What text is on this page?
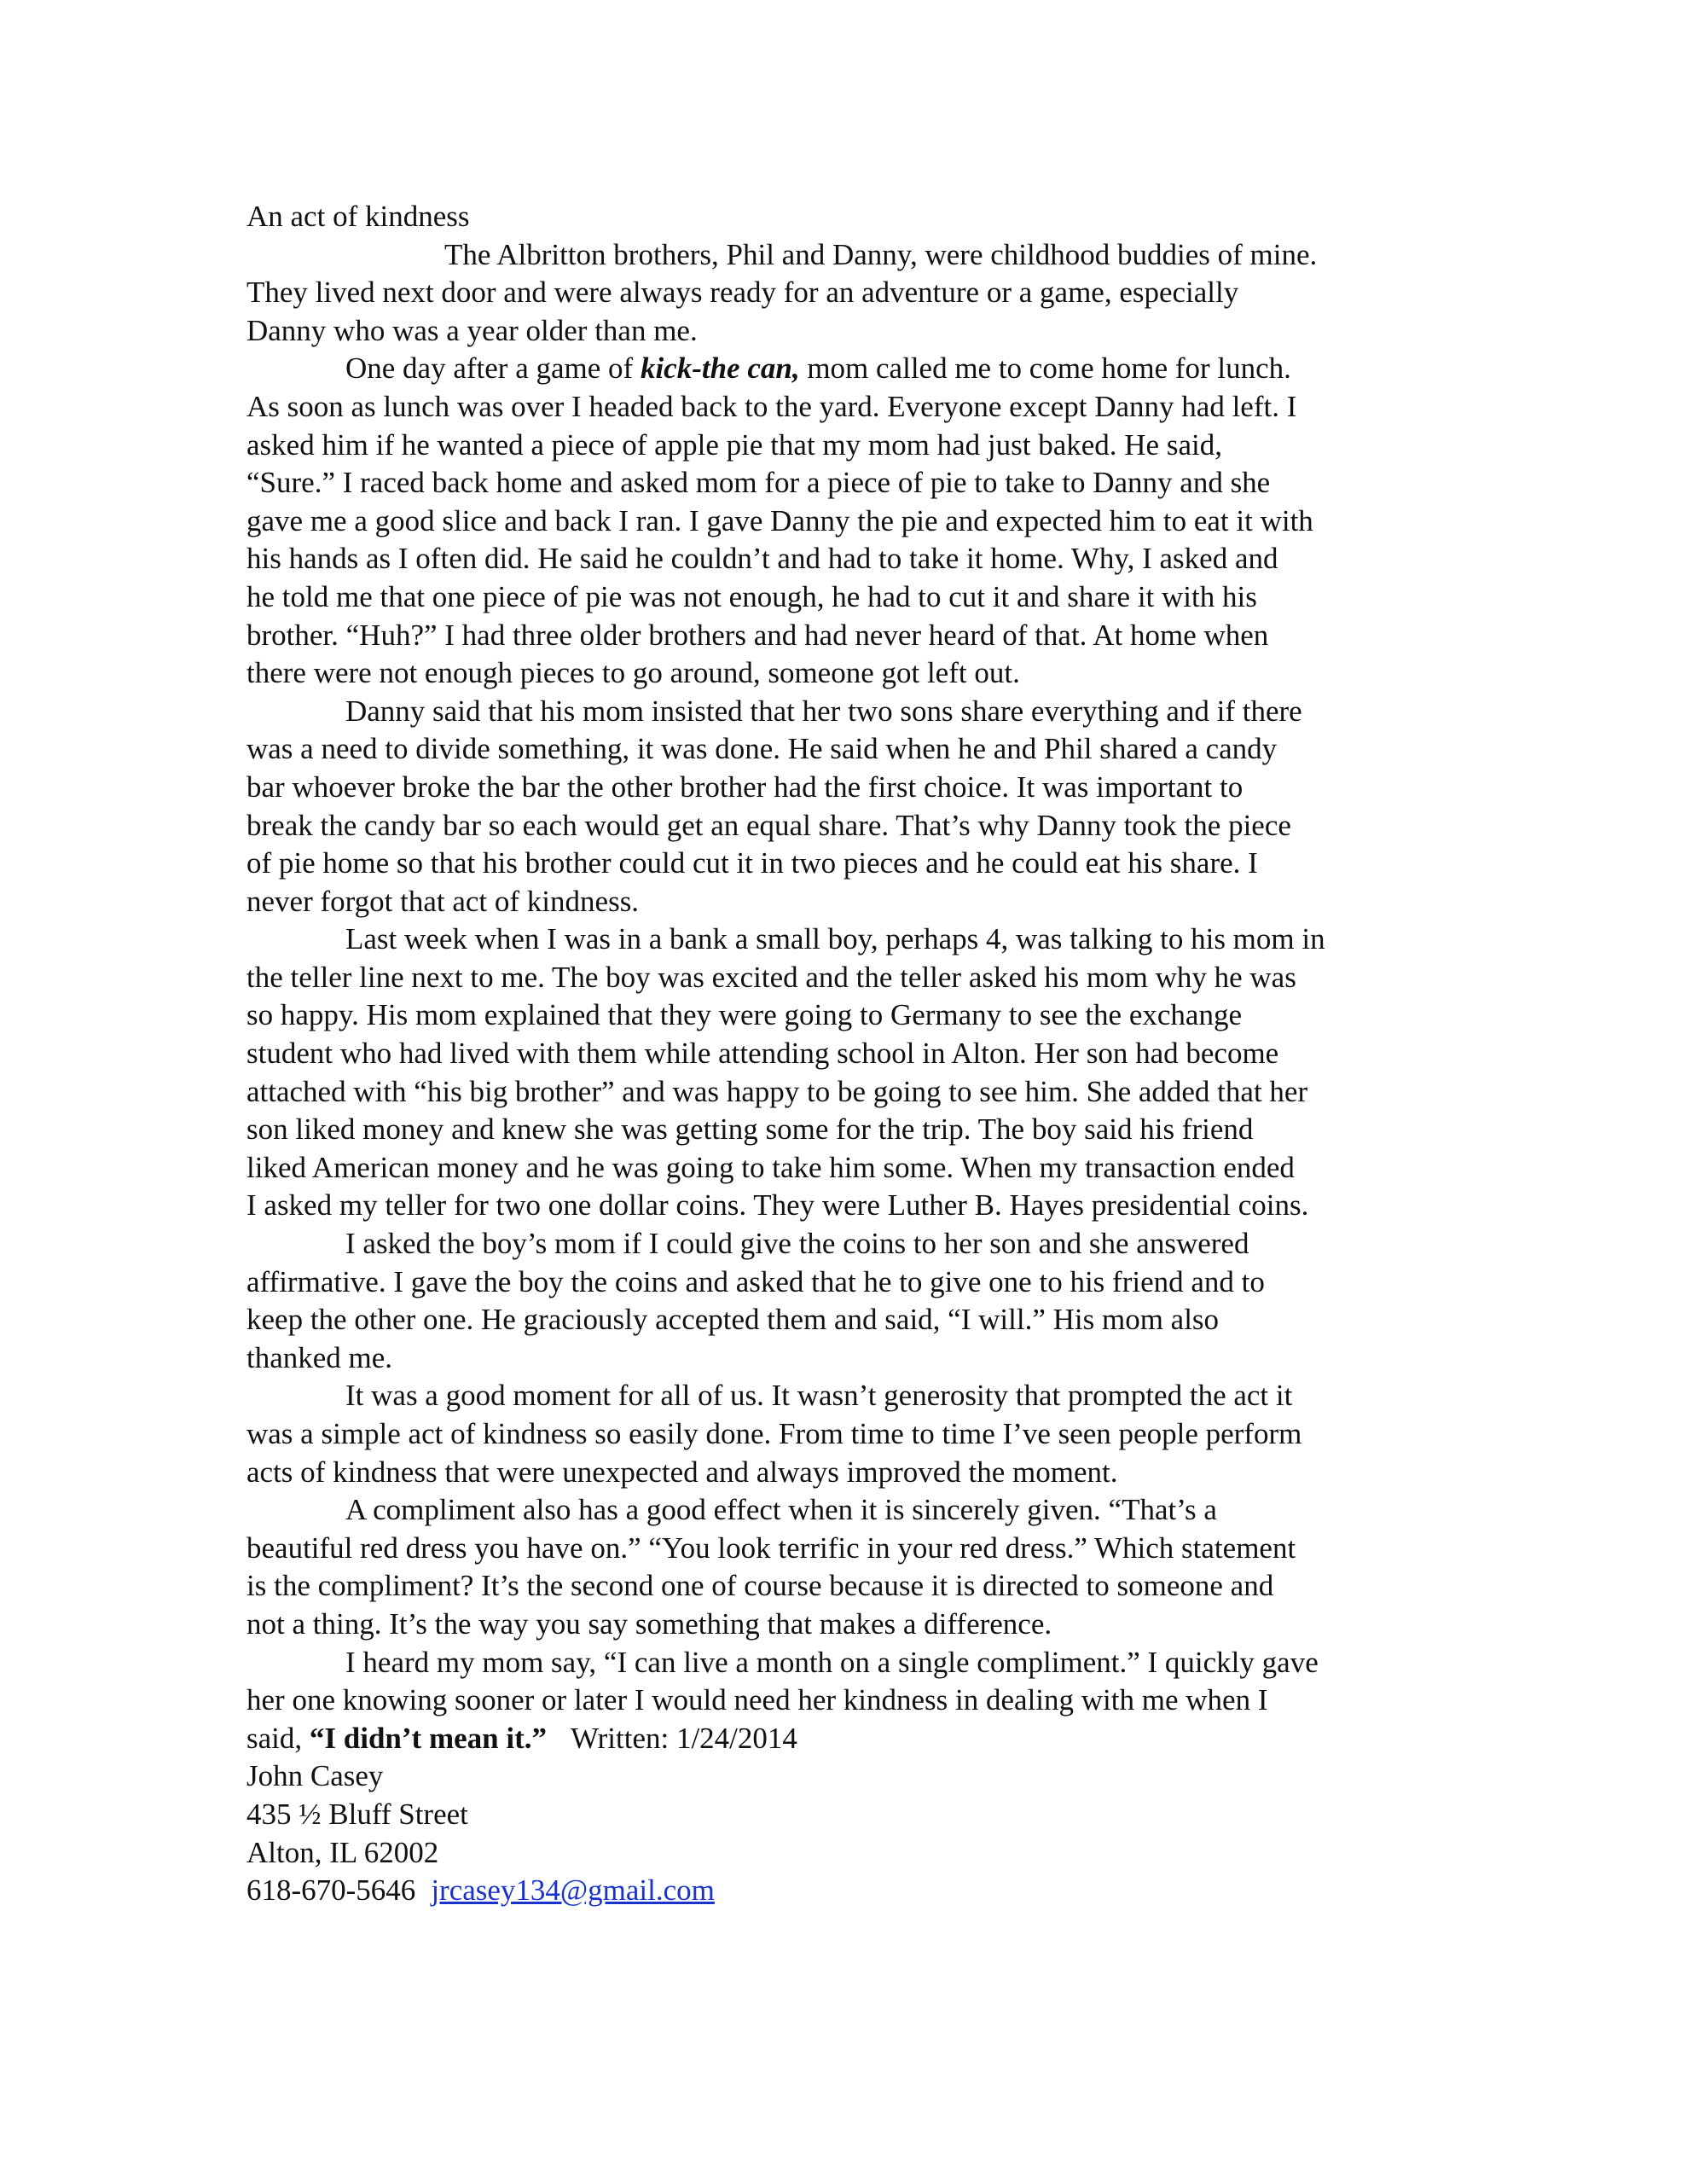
An act of kindness
The Albritton brothers, Phil and Danny, were childhood buddies of mine.
They lived next door and were always ready for an adventure or a game, especially
Danny who was a year older than me.
One day after a game of kick-the can, mom called me to come home for lunch.
As soon as lunch was over I headed back to the yard. Everyone except Danny had left. I
asked him if he wanted a piece of apple pie that my mom had just baked. He said,
“Sure.” I raced back home and asked mom for a piece of pie to take to Danny and she
gave me a good slice and back I ran. I gave Danny the pie and expected him to eat it with
his hands as I often did. He said he couldn’t and had to take it home. Why, I asked and
he told me that one piece of pie was not enough, he had to cut it and share it with his
brother. “Huh?” I had three older brothers and had never heard of that. At home when
there were not enough pieces to go around, someone got left out.
Danny said that his mom insisted that her two sons share everything and if there
was a need to divide something, it was done. He said when he and Phil shared a candy
bar whoever broke the bar the other brother had the first choice. It was important to
break the candy bar so each would get an equal share. That’s why Danny took the piece
of pie home so that his brother could cut it in two pieces and he could eat his share. I
never forgot that act of kindness.
Last week when I was in a bank a small boy, perhaps 4, was talking to his mom in
the teller line next to me. The boy was excited and the teller asked his mom why he was
so happy. His mom explained that they were going to Germany to see the exchange
student who had lived with them while attending school in Alton. Her son had become
attached with “his big brother” and was happy to be going to see him. She added that her
son liked money and knew she was getting some for the trip. The boy said his friend
liked American money and he was going to take him some. When my transaction ended
I asked my teller for two one dollar coins. They were Luther B. Hayes presidential coins.
I asked the boy’s mom if I could give the coins to her son and she answered
affirmative. I gave the boy the coins and asked that he to give one to his friend and to
keep the other one. He graciously accepted them and said, “I will.” His mom also
thanked me.
It was a good moment for all of us. It wasn’t generosity that prompted the act it
was a simple act of kindness so easily done. From time to time I’ve seen people perform
acts of kindness that were unexpected and always improved the moment.
A compliment also has a good effect when it is sincerely given. “That’s a
beautiful red dress you have on.” “You look terrific in your red dress.” Which statement
is the compliment? It’s the second one of course because it is directed to someone and
not a thing. It’s the way you say something that makes a difference.
I heard my mom say, “I can live a month on a single compliment.” I quickly gave
her one knowing sooner or later I would need her kindness in dealing with me when I
said, “I didn’t mean it.” Written: 1/24/2014
John Casey
435 ½ Bluff Street
Alton, IL 62002
618-670-5646 jrcasey134@gmail.com
